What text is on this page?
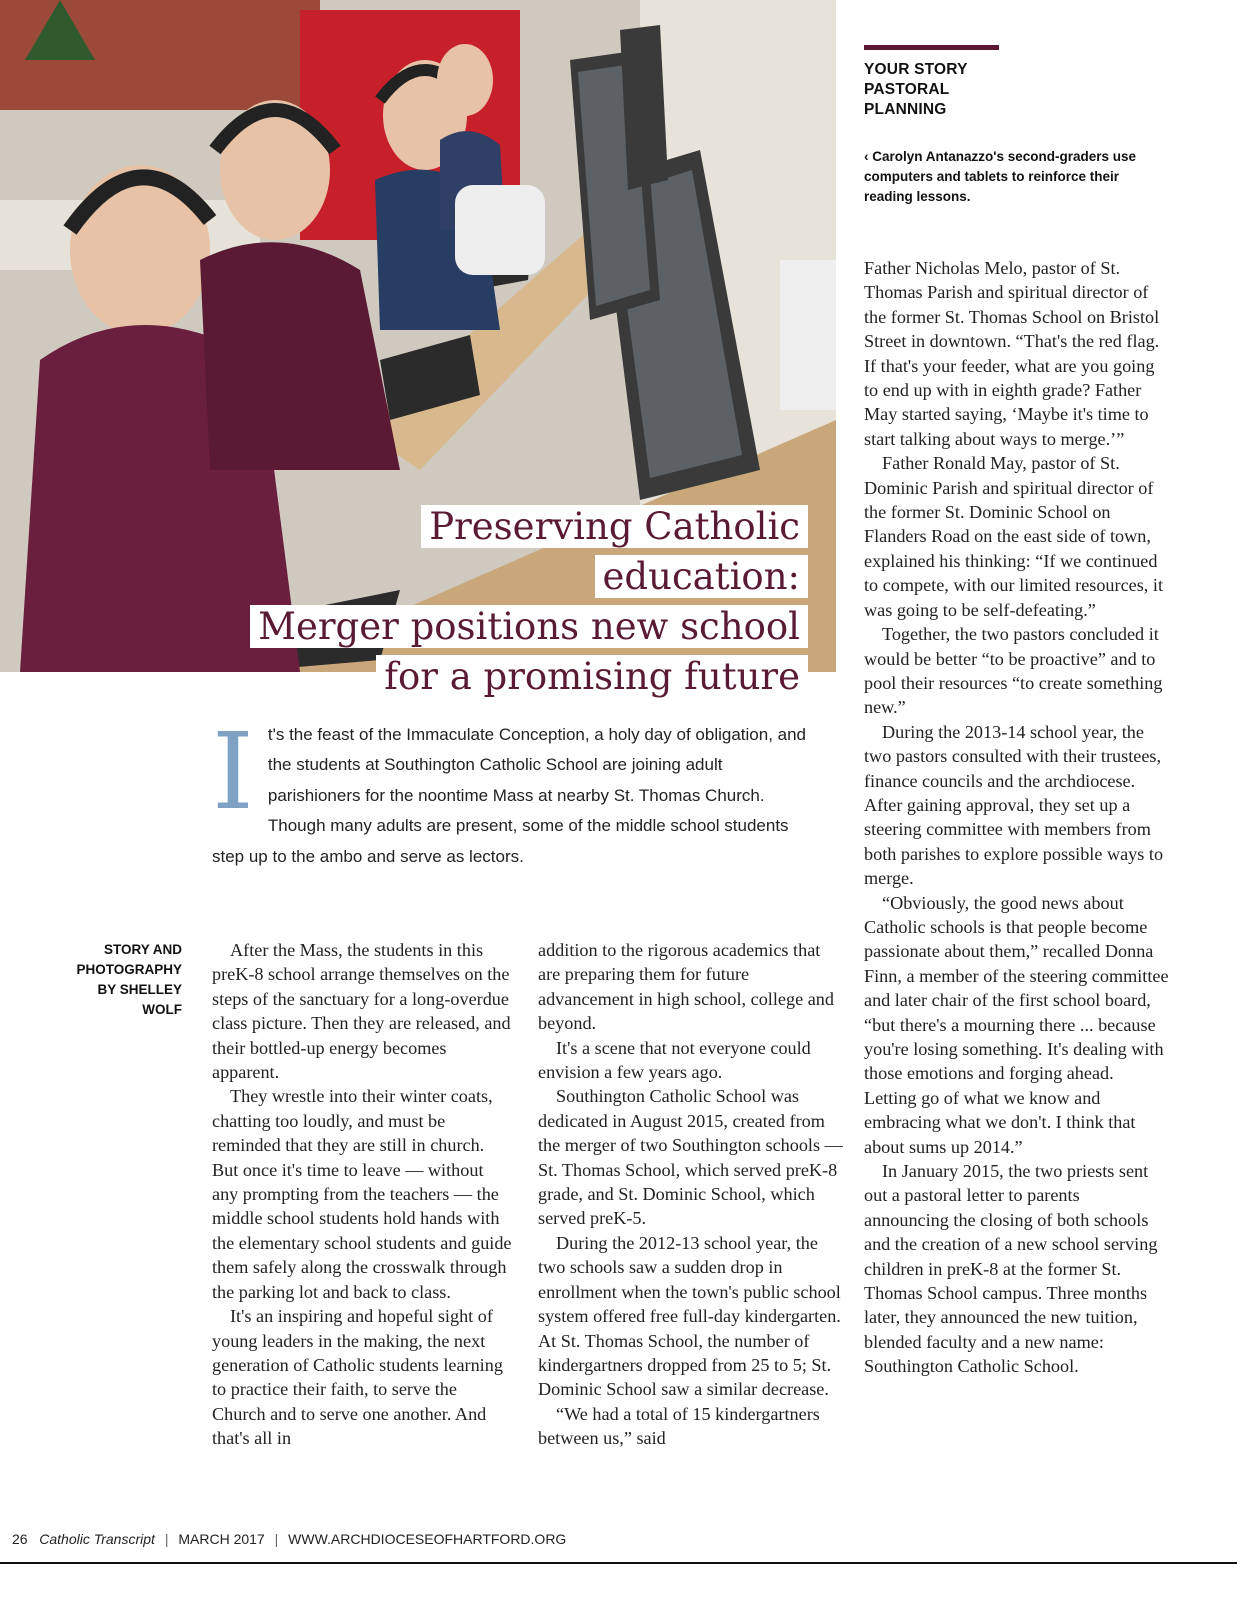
Preserving Catholic education:
Merger positions new school
for a promising future
YOUR STORY
PASTORAL
PLANNING
‹ Carolyn Antanazzo's second-graders use computers and tablets to reinforce their reading lessons.
I t's the feast of the Immaculate Conception, a holy day of obligation, and the students at Southington Catholic School are joining adult parishioners for the noontime Mass at nearby St. Thomas Church. Though many adults are present, some of the middle school students step up to the ambo and serve as lectors.
STORY AND
PHOTOGRAPHY
BY SHELLEY
WOLF

After the Mass, the students in this preK-8 school arrange themselves on the steps of the sanctuary for a long-overdue class picture. Then they are released, and their bottled-up energy becomes apparent.

They wrestle into their winter coats, chatting too loudly, and must be reminded that they are still in church. But once it's time to leave — without any prompting from the teachers — the middle school students hold hands with the elementary school students and guide them safely along the crosswalk through the parking lot and back to class.

It's an inspiring and hopeful sight of young leaders in the making, the next generation of Catholic students learning to practice their faith, to serve the Church and to serve one another. And that's all in

addition to the rigorous academics that are preparing them for future advancement in high school, college and beyond.

It's a scene that not everyone could envision a few years ago.

Southington Catholic School was dedicated in August 2015, created from the merger of two Southington schools — St. Thomas School, which served preK-8 grade, and St. Dominic School, which served preK-5.

During the 2012-13 school year, the two schools saw a sudden drop in enrollment when the town's public school system offered free full-day kindergarten. At St. Thomas School, the number of kindergartners dropped from 25 to 5; St. Dominic School saw a similar decrease.

“We had a total of 15 kindergartners between us,” said

Father Nicholas Melo, pastor of St. Thomas Parish and spiritual director of the former St. Thomas School on Bristol Street in downtown. “That's the red flag. If that's your feeder, what are you going to end up with in eighth grade? Father May started saying, ‘Maybe it's time to start talking about ways to merge.’”

Father Ronald May, pastor of St. Dominic Parish and spiritual director of the former St. Dominic School on Flanders Road on the east side of town, explained his thinking: “If we continued to compete, with our limited resources, it was going to be self-defeating.”

Together, the two pastors concluded it would be better “to be proactive” and to pool their resources “to create something new.”

During the 2013-14 school year, the two pastors consulted with their trustees, finance councils and the archdiocese. After gaining approval, they set up a steering committee with members from both parishes to explore possible ways to merge.

“Obviously, the good news about Catholic schools is that people become passionate about them,” recalled Donna Finn, a member of the steering committee and later chair of the first school board, “but there's a mourning there ... because you're losing something. It's dealing with those emotions and forging ahead. Letting go of what we know and embracing what we don't. I think that about sums up 2014.”

In January 2015, the two priests sent out a pastoral letter to parents announcing the closing of both schools and the creation of a new school serving children in preK-8 at the former St. Thomas School campus. Three months later, they announced the new tuition, blended faculty and a new name: Southington Catholic School.

26 Catholic Transcript | MARCH 2017 | WWW.ARCHDIOCESEOFHARTFORD.ORG
